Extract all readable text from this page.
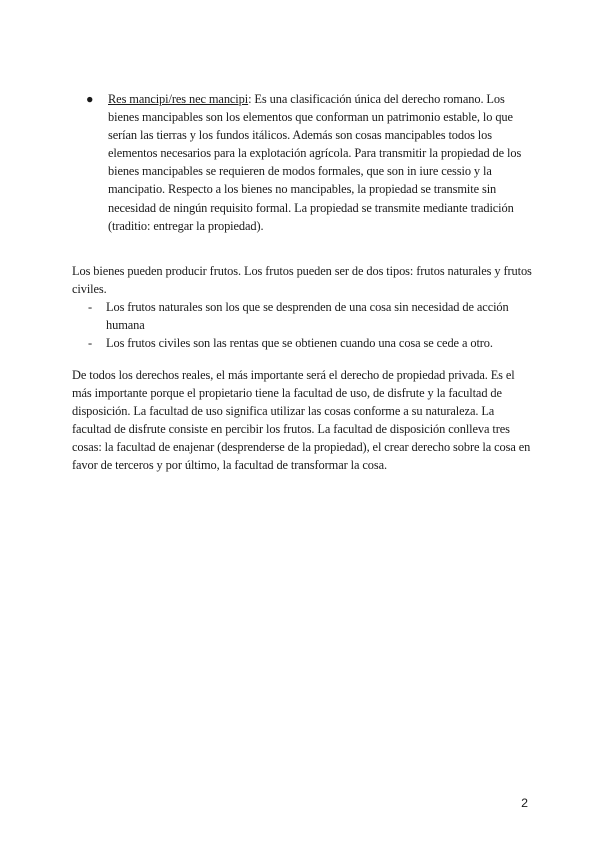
●	Res mancipi/res nec mancipi: Es una clasificación única del derecho romano. Los bienes mancipables son los elementos que conforman un patrimonio estable, lo que serían las tierras y los fundos itálicos. Además son cosas mancipables todos los elementos necesarios para la explotación agrícola. Para transmitir la propiedad de los bienes mancipables se requieren de modos formales, que son in iure cessio y la mancipatio. Respecto a los bienes no mancipables, la propiedad se transmite sin necesidad de ningún requisito formal. La propiedad se transmite mediante tradición (traditio: entregar la propiedad).

Los bienes pueden producir frutos. Los frutos pueden ser de dos tipos: frutos naturales y frutos civiles.

- Los frutos naturales son los que se desprenden de una cosa sin necesidad de acción humana
- Los frutos civiles son las rentas que se obtienen cuando una cosa se cede a otro.

De todos los derechos reales, el más importante será el derecho de propiedad privada. Es el más importante porque el propietario tiene la facultad de uso, de disfrute y la facultad de disposición. La facultad de uso significa utilizar las cosas conforme a su naturaleza. La facultad de disfrute consiste en percibir los frutos. La facultad de disposición conlleva tres cosas: la facultad de enajenar (desprenderse de la propiedad), el crear derecho sobre la cosa en favor de terceros y por último, la facultad de transformar la cosa.

2
